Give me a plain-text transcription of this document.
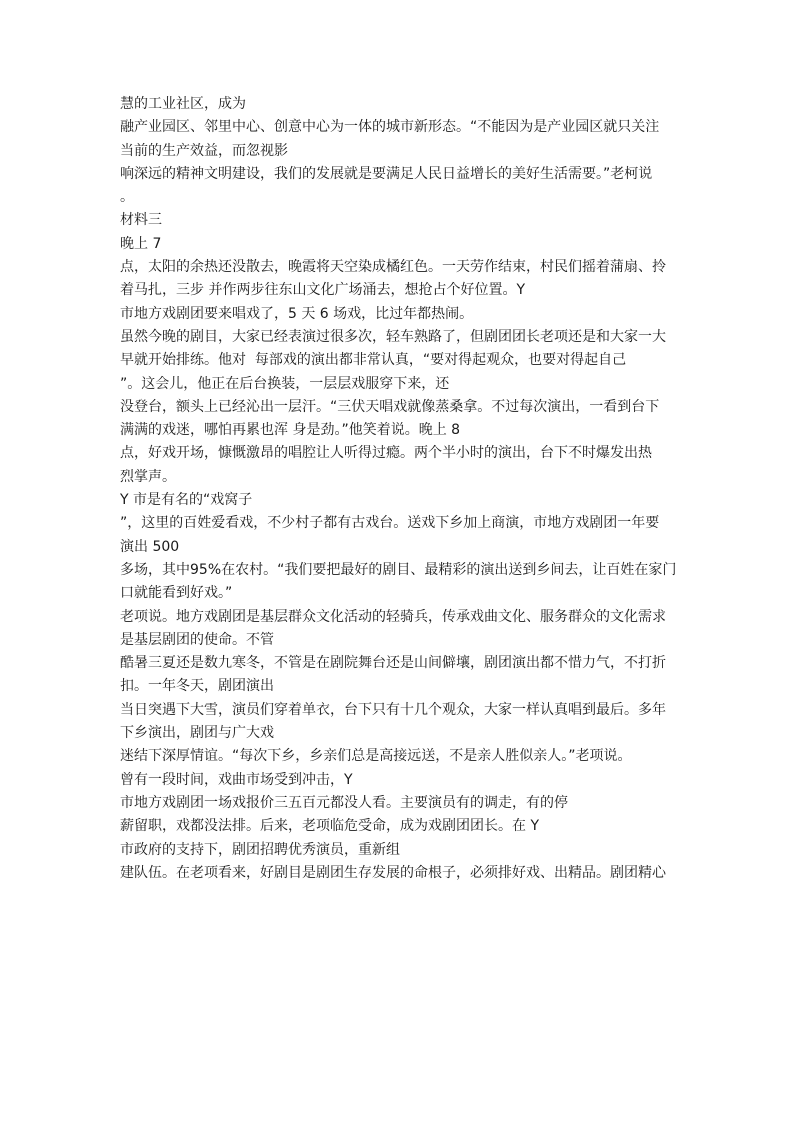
慧的工业社区，成为
融产业园区、邻里中心、创意中心为一体的城市新形态。“不能因为是产业园区就只关注
当前的生产效益，而忽视影
响深远的精神文明建设，我们的发展就是要满足人民日益增长的美好生活需要。”老柯说
。
材料三
晚上 7
点，太阳的余热还没散去，晚霞将天空染成橘红色。一天劳作结束，村民们摇着蒲扇、拎
着马扎，三步 并作两步往东山文化广场涌去，想抢占个好位置。Y
市地方戏剧团要来唱戏了，5 天 6 场戏，比过年都热闹。
虽然今晚的剧目，大家已经表演过很多次，轻车熟路了，但剧团团长老项还是和大家一大
早就开始排练。他对  每部戏的演出都非常认真，“要对得起观众，也要对得起自己
”。这会儿，他正在后台换装，一层层戏服穿下来，还
没登台，额头上已经沁出一层汗。“三伏天唱戏就像蒸桑拿。不过每次演出，一看到台下
满满的戏迷，哪怕再累也浑 身是劲。”他笑着说。晚上 8
点，好戏开场，慷慨激昂的唱腔让人听得过瘾。两个半小时的演出，台下不时爆发出热
烈掌声。
Y 市是有名的“戏窝子
”，这里的百姓爱看戏，不少村子都有古戏台。送戏下乡加上商演，市地方戏剧团一年要
演出 500
多场，其中95%在农村。“我们要把最好的剧目、最精彩的演出送到乡间去，让百姓在家门
口就能看到好戏。”
老项说。地方戏剧团是基层群众文化活动的轻骑兵，传承戏曲文化、服务群众的文化需求
是基层剧团的使命。不管
酷暑三夏还是数九寒冬，不管是在剧院舞台还是山间僻壤，剧团演出都不惜力气，不打折
扣。一年冬天，剧团演出
当日突遇下大雪，演员们穿着单衣，台下只有十几个观众，大家一样认真唱到最后。多年
下乡演出，剧团与广大戏
迷结下深厚情谊。“每次下乡，乡亲们总是高接远送，不是亲人胜似亲人。”老项说。
曾有一段时间，戏曲市场受到冲击，Y
市地方戏剧团一场戏报价三五百元都没人看。主要演员有的调走，有的停
薪留职，戏都没法排。后来，老项临危受命，成为戏剧团团长。在 Y
市政府的支持下，剧团招聘优秀演员，重新组
建队伍。在老项看来，好剧目是剧团生存发展的命根子，必须排好戏、出精品。剧团精心
